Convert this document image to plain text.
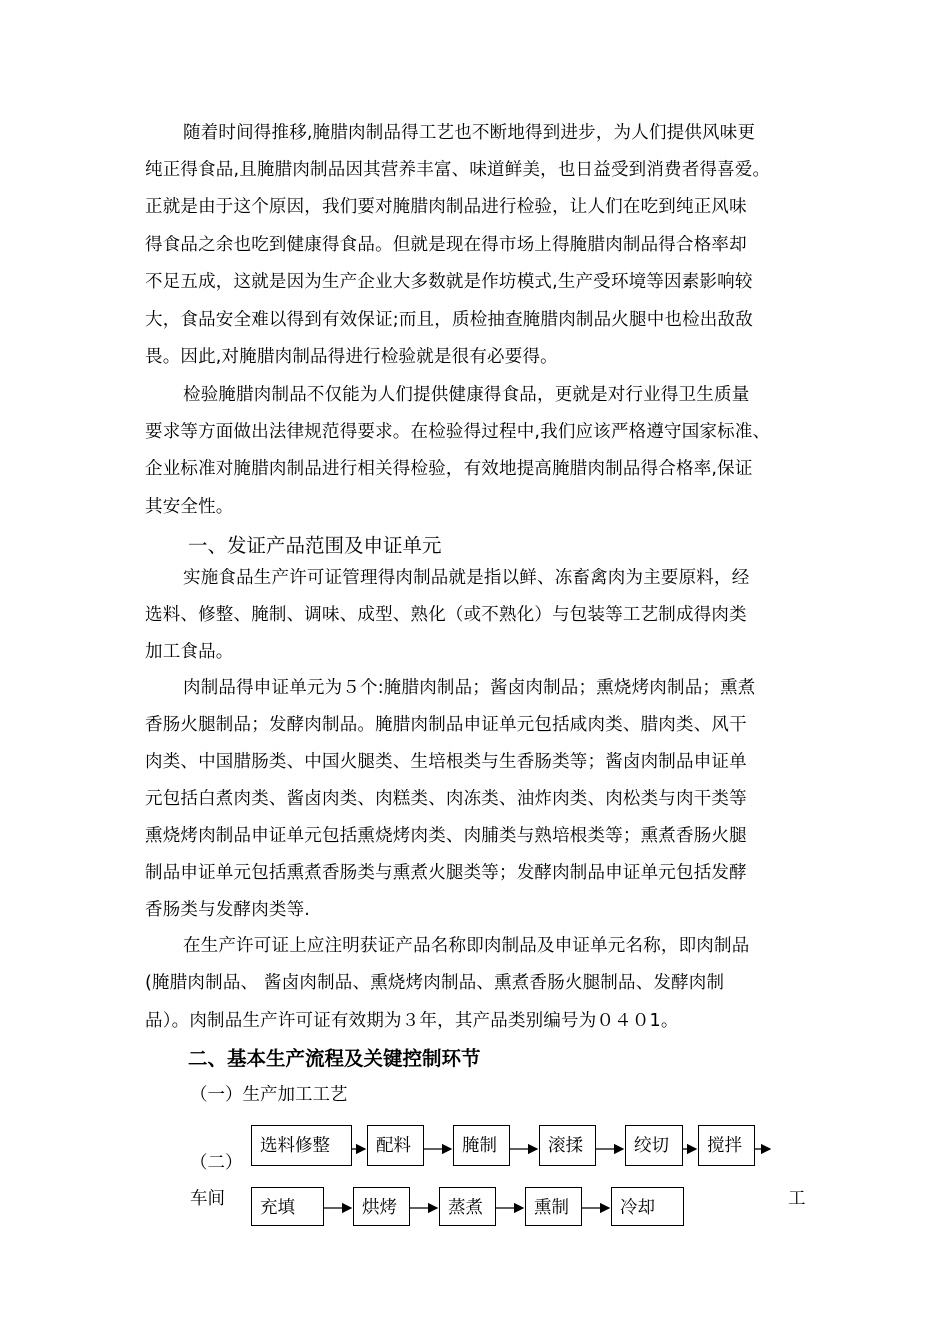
随着时间得推移,腌腊肉制品得工艺也不断地得到进步，为人们提供风味更
纯正得食品,且腌腊肉制品因其营养丰富、味道鲜美，也日益受到消费者得喜爱。
正就是由于这个原因，我们要对腌腊肉制品进行检验，让人们在吃到纯正风味
得食品之余也吃到健康得食品。但就是现在得市场上得腌腊肉制品得合格率却
不足五成，这就是因为生产企业大多数就是作坊模式,生产受环境等因素影响较
大，食品安全难以得到有效保证;而且，质检抽查腌腊肉制品火腿中也检出敌敌
畏。因此,对腌腊肉制品得进行检验就是很有必要得。
检验腌腊肉制品不仅能为人们提供健康得食品，更就是对行业得卫生质量
要求等方面做出法律规范得要求。在检验得过程中,我们应该严格遵守国家标准、
企业标准对腌腊肉制品进行相关得检验，有效地提高腌腊肉制品得合格率,保证
其安全性。
一、发证产品范围及申证单元
实施食品生产许可证管理得肉制品就是指以鲜、冻畜禽肉为主要原料，经
选料、修整、腌制、调味、成型、熟化（或不熟化）与包装等工艺制成得肉类
加工食品。
肉制品得申证单元为５个:腌腊肉制品；酱卤肉制品；熏烧烤肉制品；熏煮
香肠火腿制品；发酵肉制品。腌腊肉制品申证单元包括咸肉类、腊肉类、风干
肉类、中国腊肠类、中国火腿类、生培根类与生香肠类等；酱卤肉制品申证单
元包括白煮肉类、酱卤肉类、肉糕类、肉冻类、油炸肉类、肉松类与肉干类等
熏烧烤肉制品申证单元包括熏烧烤肉类、肉脯类与熟培根类等；熏煮香肠火腿
制品申证单元包括熏煮香肠类与熏煮火腿类等；发酵肉制品申证单元包括发酵
香肠类与发酵肉类等.
在生产许可证上应注明获证产品名称即肉制品及申证单元名称，即肉制品
(腌腊肉制品、 酱卤肉制品、熏烧烤肉制品、熏煮香肠火腿制品、发酵肉制
品）。肉制品生产许可证有效期为３年，其产品类别编号为０４０1。
二、基本生产流程及关键控制环节
（一）生产加工工艺
（二）
车间	工
选料修整	配料	腌制	滚揉	绞切	搅拌
充填	烘烤	蒸煮	熏制	冷却
